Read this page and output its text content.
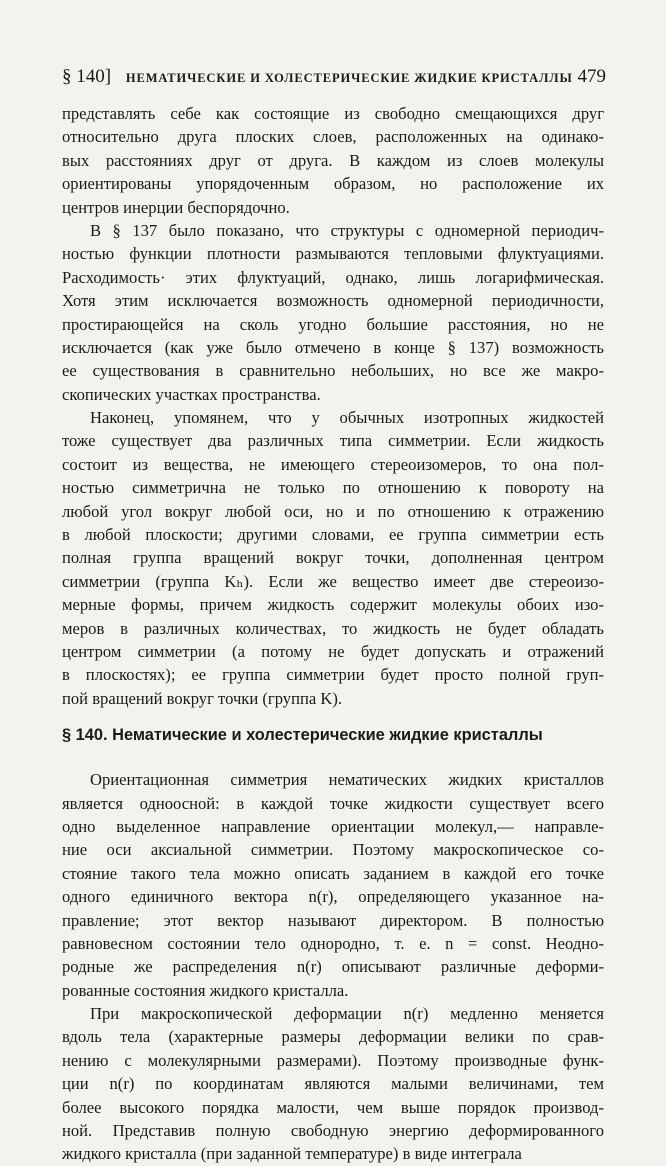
§ 140]	НЕМАТИЧЕСКИЕ И ХОЛЕСТЕРИЧЕСКИЕ ЖИДКИЕ КРИСТАЛЛЫ 479
представлять себе как состоящие из свободно смещающихся друг
относительно друга плоских слоев, расположенных на одинако-
вых расстояниях друг от друга. В каждом из слоев молекулы
ориентированы упорядоченным образом, но расположение их
центров инерции беспорядочно.
В § 137 было показано, что структуры с одномерной периодич-
ностью функции плотности размываются тепловыми флуктуациями.
Расходимость· этих флуктуаций, однако, лишь логарифмическая.
Хотя этим исключается возможность одномерной периодичности,
простирающейся на сколь угодно большие расстояния, но не
исключается (как уже было отмечено в конце § 137) возможность
ее существования в сравнительно небольших, но все же макро-
скопических участках пространства.
Наконец, упомянем, что у обычных изотропных жидкостей
тоже существует два различных типа симметрии. Если жидкость
состоит из вещества, не имеющего стереоизомеров, то она пол-
ностью симметрична не только по отношению к повороту на
любой угол вокруг любой оси, но и по отношению к отражению
в любой плоскости; другими словами, ее группа симметрии есть
полная группа вращений вокруг точки, дополненная центром
симметрии (группа Kₕ). Если же вещество имеет две стереоизо-
мерные формы, причем жидкость содержит молекулы обоих изо-
меров в различных количествах, то жидкость не будет обладать
центром симметрии (а потому не будет допускать и отражений
в плоскостях); ее группа симметрии будет просто полной груп-
пой вращений вокруг точки (группа K).
§ 140. Нематические и холестерические жидкие кристаллы
Ориентационная симметрия нематических жидких кристаллов
является одноосной: в каждой точке жидкости существует всего
одно выделенное направление ориентации молекул,— направле-
ние оси аксиальной симметрии. Поэтому макроскопическое со-
стояние такого тела можно описать заданием в каждой его точке
одного единичного вектора n(r), определяющего указанное на-
правление; этот вектор называют директором. В полностью
равновесном состоянии тело однородно, т. е. n = const. Неодно-
родные же распределения n(r) описывают различные деформи-
рованные состояния жидкого кристалла.
При макроскопической деформации n(r) медленно меняется
вдоль тела (характерные размеры деформации велики по срав-
нению с молекулярными размерами). Поэтому производные функ-
ции n(r) по координатам являются малыми величинами, тем
более высокого порядка малости, чем выше порядок производ-
ной. Представив полную свободную энергию деформированного
жидкого кристалла (при заданной температуре) в виде интеграла
